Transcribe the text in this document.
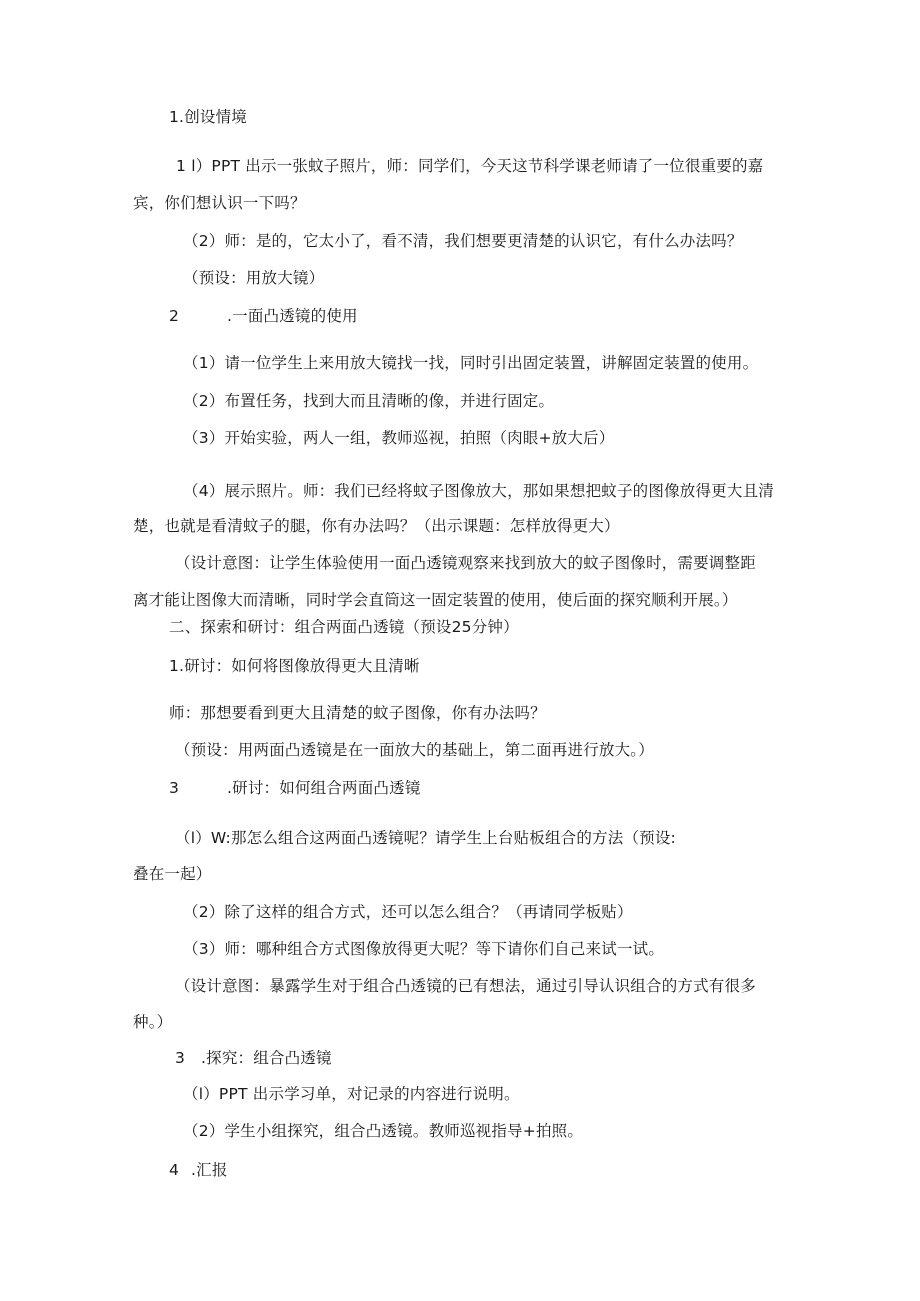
1.创设情境
1 l）PPT 出示一张蚊子照片，师：同学们，今天这节科学课老师请了一位很重要的嘉
宾，你们想认识一下吗？
（2）师：是的，它太小了，看不清，我们想要更清楚的认识它，有什么办法吗？
（预设：用放大镜）
2	.一面凸透镜的使用
（1）请一位学生上来用放大镜找一找，同时引出固定装置，讲解固定装置的使用。
（2）布置任务，找到大而且清晰的像，并进行固定。
（3）开始实验，两人一组，教师巡视，拍照（肉眼+放大后）
（4）展示照片。师：我们已经将蚊子图像放大，那如果想把蚊子的图像放得更大且清
楚，也就是看清蚊子的腿，你有办法吗？（出示课题：怎样放得更大）
（设计意图：让学生体验使用一面凸透镜观察来找到放大的蚊子图像时，需要调整距
离才能让图像大而清晰，同时学会直筒这一固定装置的使用，使后面的探究顺利开展。）
二、探索和研讨：组合两面凸透镜（预设25分钟）
1.研讨：如何将图像放得更大且清晰
师：那想要看到更大且清楚的蚊子图像，你有办法吗？
（预设：用两面凸透镜是在一面放大的基础上，第二面再进行放大。）
3	.研讨：如何组合两面凸透镜
（l）W:那怎么组合这两面凸透镜呢？请学生上台贴板组合的方法（预设:
叠在一起）
（2）除了这样的组合方式，还可以怎么组合？（再请同学板贴）
（3）师：哪种组合方式图像放得更大呢？等下请你们自己来试一试。
（设计意图：暴露学生对于组合凸透镜的已有想法，通过引导认识组合的方式有很多
种。）
3 .探究：组合凸透镜
（l）PPT 出示学习单，对记录的内容进行说明。
（2）学生小组探究，组合凸透镜。教师巡视指导+拍照。
4 .汇报
